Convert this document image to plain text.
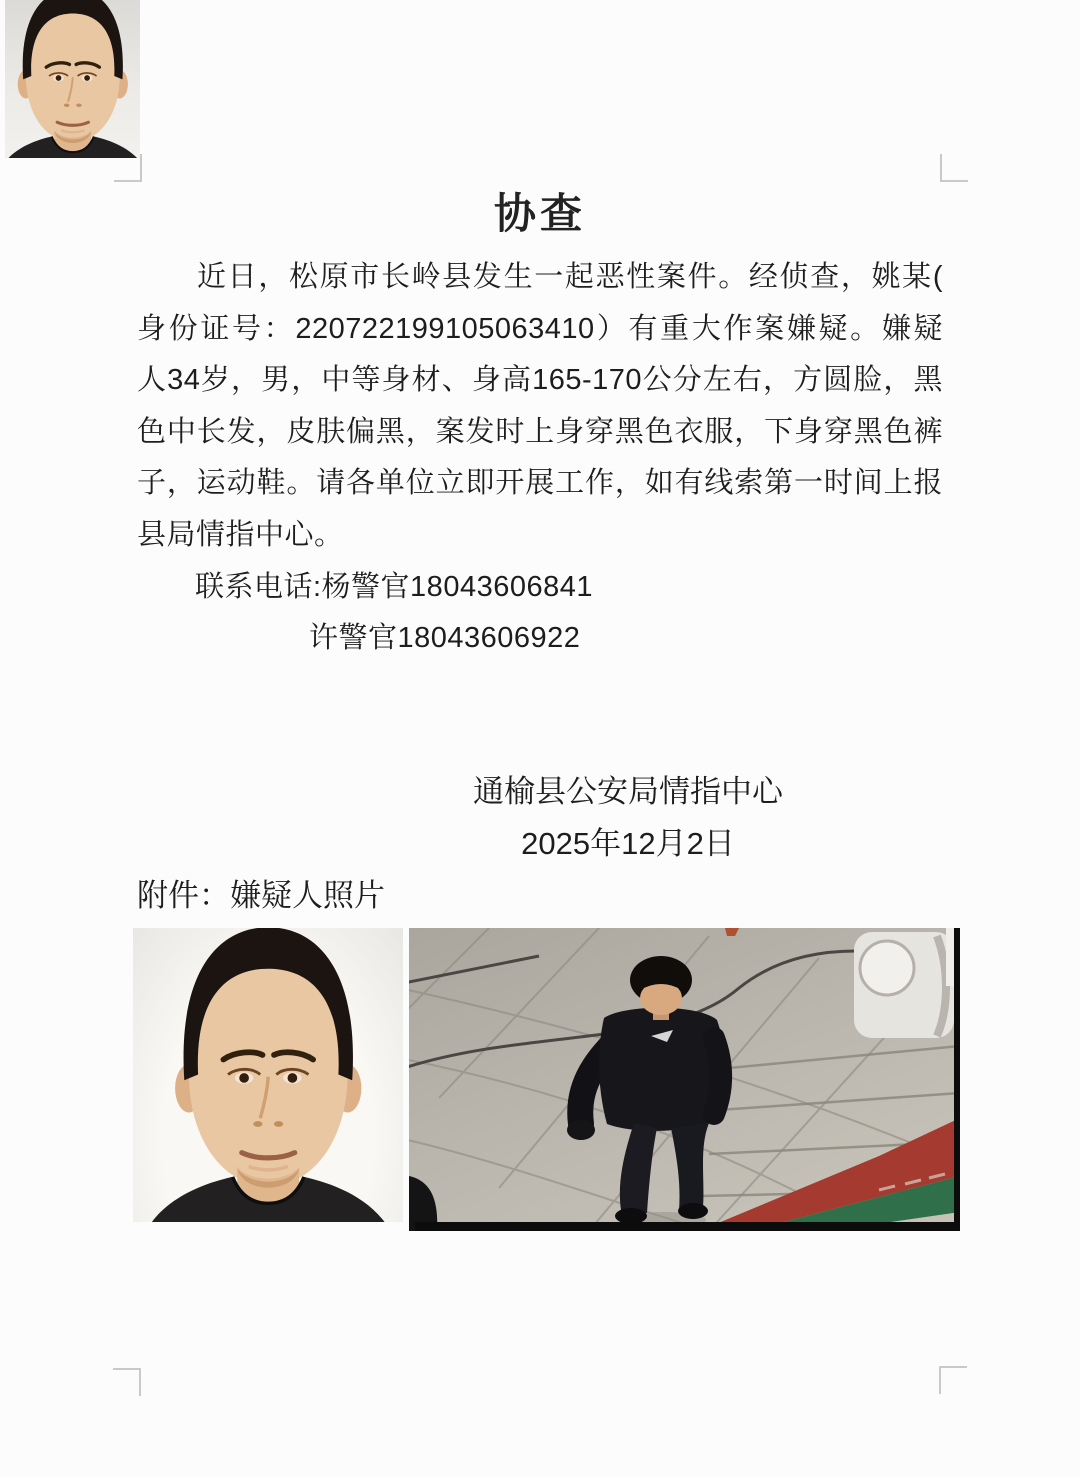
协查
近日，松原市长岭县发生一起恶性案件。经侦查，姚某(
身份证号：220722199105063410）有重大作案嫌疑。嫌疑
人34岁，男，中等身材、身高165-170公分左右，方圆脸，黑
色中长发，皮肤偏黑，案发时上身穿黑色衣服，下身穿黑色裤
子，运动鞋。请各单位立即开展工作，如有线索第一时间上报
县局情指中心。
联系电话:杨警官18043606841
许警官18043606922
通榆县公安局情指中心
2025年12月2日
附件：嫌疑人照片
